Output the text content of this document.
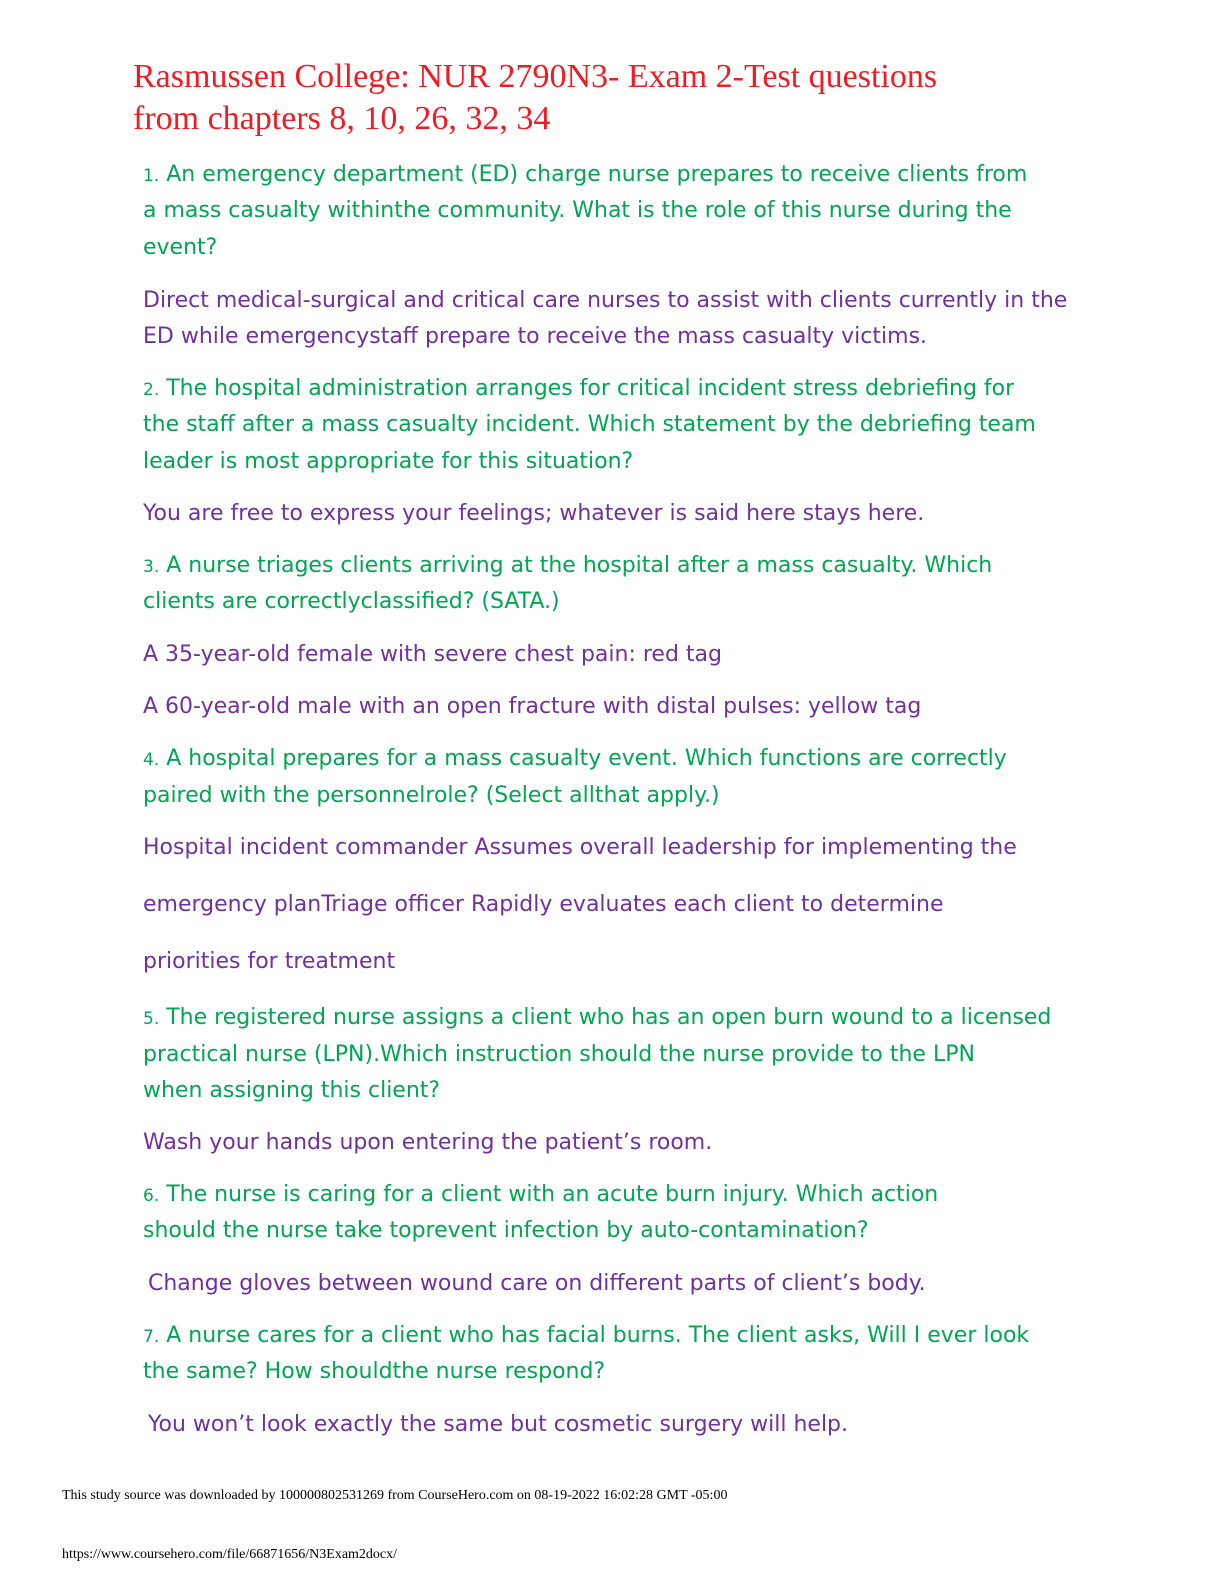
Rasmussen College: NUR 2790N3- Exam 2-Test questions
from chapters 8, 10, 26, 32, 34

1. An emergency department (ED) charge nurse prepares to receive clients from

a mass casualty withinthe community. What is the role of this nurse during the

event?

Direct medical-surgical and critical care nurses to assist with clients currently in the

ED while emergencystaff prepare to receive the mass casualty victims.

2. The hospital administration arranges for critical incident stress debriefing for

the staff after a mass casualty incident. Which statement by the debriefing team

leader is most appropriate for this situation?

You are free to express your feelings; whatever is said here stays here.

3. A nurse triages clients arriving at the hospital after a mass casualty. Which

clients are correctlyclassified? (SATA.)

A 35-year-old female with severe chest pain: red tag

A 60-year-old male with an open fracture with distal pulses: yellow tag

4. A hospital prepares for a mass casualty event. Which functions are correctly

paired with the personnelrole? (Select allthat apply.)

Hospital incident commander Assumes overall leadership for implementing the

emergency planTriage officer Rapidly evaluates each client to determine

priorities for treatment

5. The registered nurse assigns a client who has an open burn wound to a licensed

practical nurse (LPN).Which instruction should the nurse provide to the LPN

when assigning this client?

Wash your hands upon entering the patient’s room.

6. The nurse is caring for a client with an acute burn injury. Which action

should the nurse take toprevent infection by auto-contamination?

Change gloves between wound care on different parts of client’s body.

7. A nurse cares for a client who has facial burns. The client asks, Will I ever look

the same? How shouldthe nurse respond?

You won’t look exactly the same but cosmetic surgery will help.

This study source was downloaded by 100000802531269 from CourseHero.com on 08-19-2022 16:02:28 GMT -05:00
https://www.coursehero.com/file/66871656/N3Exam2docx/
